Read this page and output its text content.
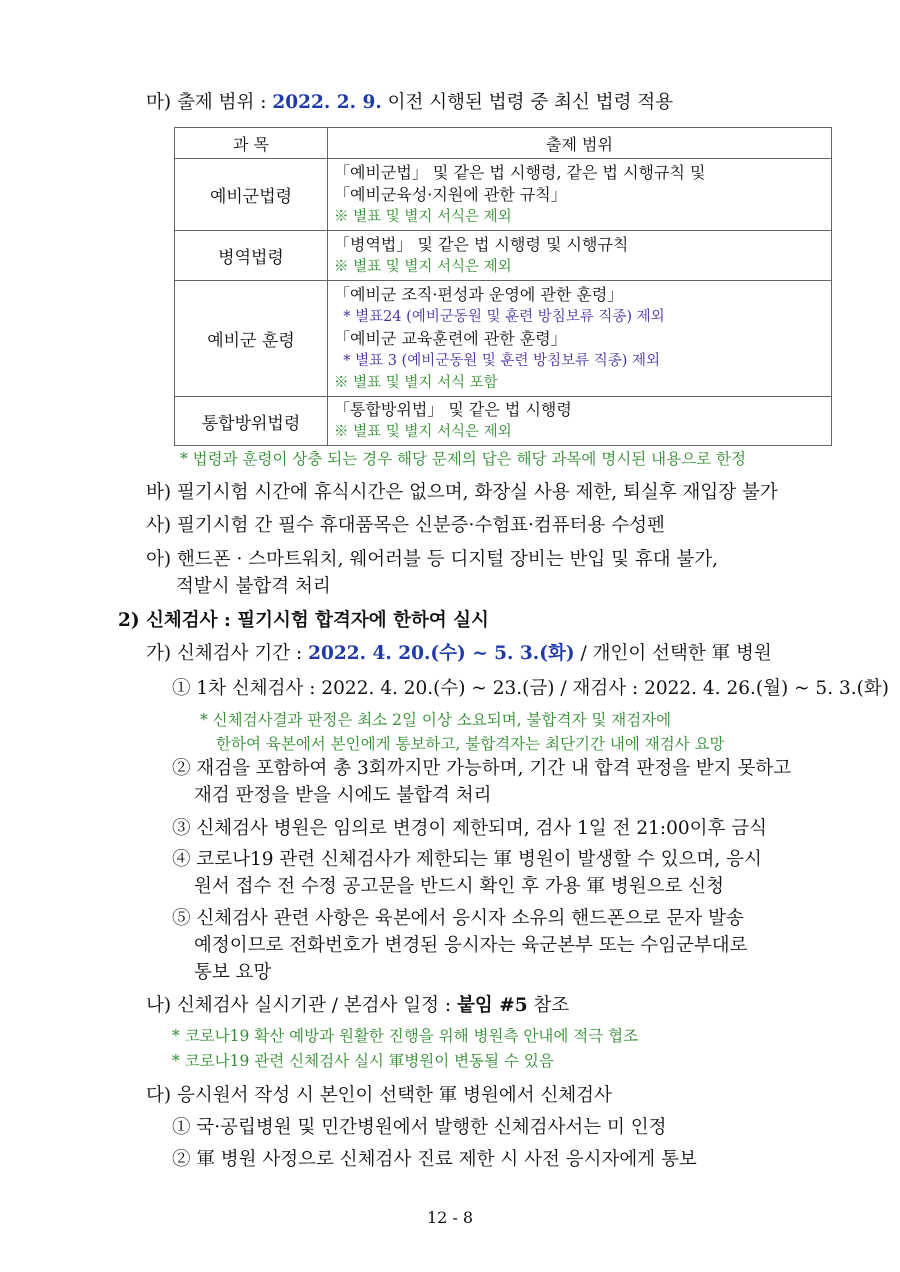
마) 출제 범위 : 2022. 2. 9. 이전 시행된 법령 중 최신 법령 적용
과 목	출제 범위
예비군법령	「예비군법」 및 같은 법 시행령, 같은 법 시행규칙 및
「예비군육성·지원에 관한 규칙」
※ 별표 및 별지 서식은 제외

병역법령	「병역법」 및 같은 법 시행령 및 시행규칙
※ 별표 및 별지 서식은 제외

예비군 훈령	「예비군 조직·편성과 운영에 관한 훈령」
* 별표24 (예비군동원 및 훈련 방침보류 직종) 제외
「예비군 교육훈련에 관한 훈령」
* 별표 3 (예비군동원 및 훈련 방침보류 직종) 제외
※ 별표 및 별지 서식 포함

통합방위법령	「통합방위법」 및 같은 법 시행령
※ 별표 및 별지 서식은 제외
* 법령과 훈령이 상충 되는 경우 해당 문제의 답은 해당 과목에 명시된 내용으로 한정
바) 필기시험 시간에 휴식시간은 없으며, 화장실 사용 제한, 퇴실후 재입장 불가
사) 필기시험 간 필수 휴대품목은 신분증·수험표·컴퓨터용 수성펜
아) 핸드폰 · 스마트워치, 웨어러블 등 디지털 장비는 반입 및 휴대 불가,
적발시 불합격 처리
2) 신체검사 : 필기시험 합격자에 한하여 실시
가) 신체검사 기간 : 2022. 4. 20.(수) ~ 5. 3.(화) / 개인이 선택한 軍 병원
① 1차 신체검사 : 2022. 4. 20.(수) ~ 23.(금) / 재검사 : 2022. 4. 26.(월) ~ 5. 3.(화)
* 신체검사결과 판정은 최소 2일 이상 소요되며, 불합격자 및 재검자에
한하여 육본에서 본인에게 통보하고, 불합격자는 최단기간 내에 재검사 요망
② 재검을 포함하여 총 3회까지만 가능하며, 기간 내 합격 판정을 받지 못하고
재검 판정을 받을 시에도 불합격 처리
③ 신체검사 병원은 임의로 변경이 제한되며, 검사 1일 전 21:00이후 금식
④ 코로나19 관련 신체검사가 제한되는 軍 병원이 발생할 수 있으며, 응시
원서 접수 전 수정 공고문을 반드시 확인 후 가용 軍 병원으로 신청
⑤ 신체검사 관련 사항은 육본에서 응시자 소유의 핸드폰으로 문자 발송
예정이므로 전화번호가 변경된 응시자는 육군본부 또는 수임군부대로
통보 요망
나) 신체검사 실시기관 / 본검사 일정 : 붙임 #5 참조
* 코로나19 확산 예방과 원활한 진행을 위해 병원측 안내에 적극 협조
* 코로나19 관련 신체검사 실시 軍병원이 변동될 수 있음
다) 응시원서 작성 시 본인이 선택한 軍 병원에서 신체검사
① 국·공립병원 및 민간병원에서 발행한 신체검사서는 미 인정
② 軍 병원 사정으로 신체검사 진료 제한 시 사전 응시자에게 통보
12 - 8
